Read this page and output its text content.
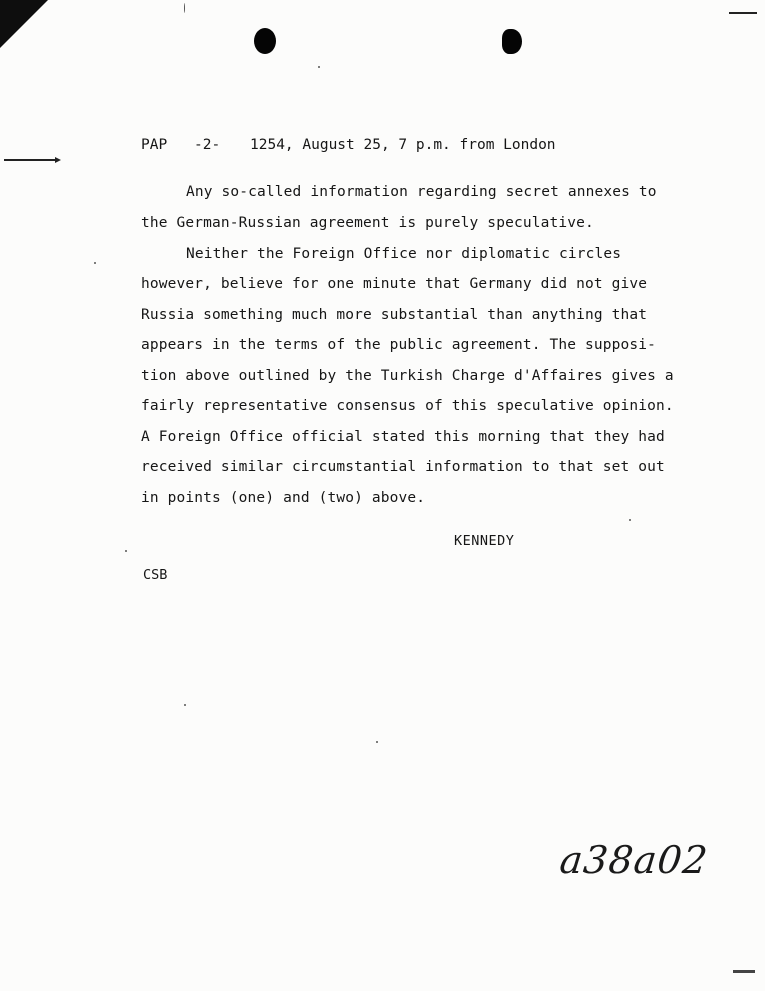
PAP -2- 1254, August 25, 7 p.m. from London
Any so-called information regarding secret annexes to
the German-Russian agreement is purely speculative.
Neither the Foreign Office nor diplomatic circles
however, believe for one minute that Germany did not give
Russia something much more substantial than anything that
appears in the terms of the public agreement. The supposi-
tion above outlined by the Turkish Charge d'Affaires gives a
fairly representative consensus of this speculative opinion.
A Foreign Office official stated this morning that they had
received similar circumstantial information to that set out
in points (one) and (two) above.
KENNEDY
CSB
a38a02
